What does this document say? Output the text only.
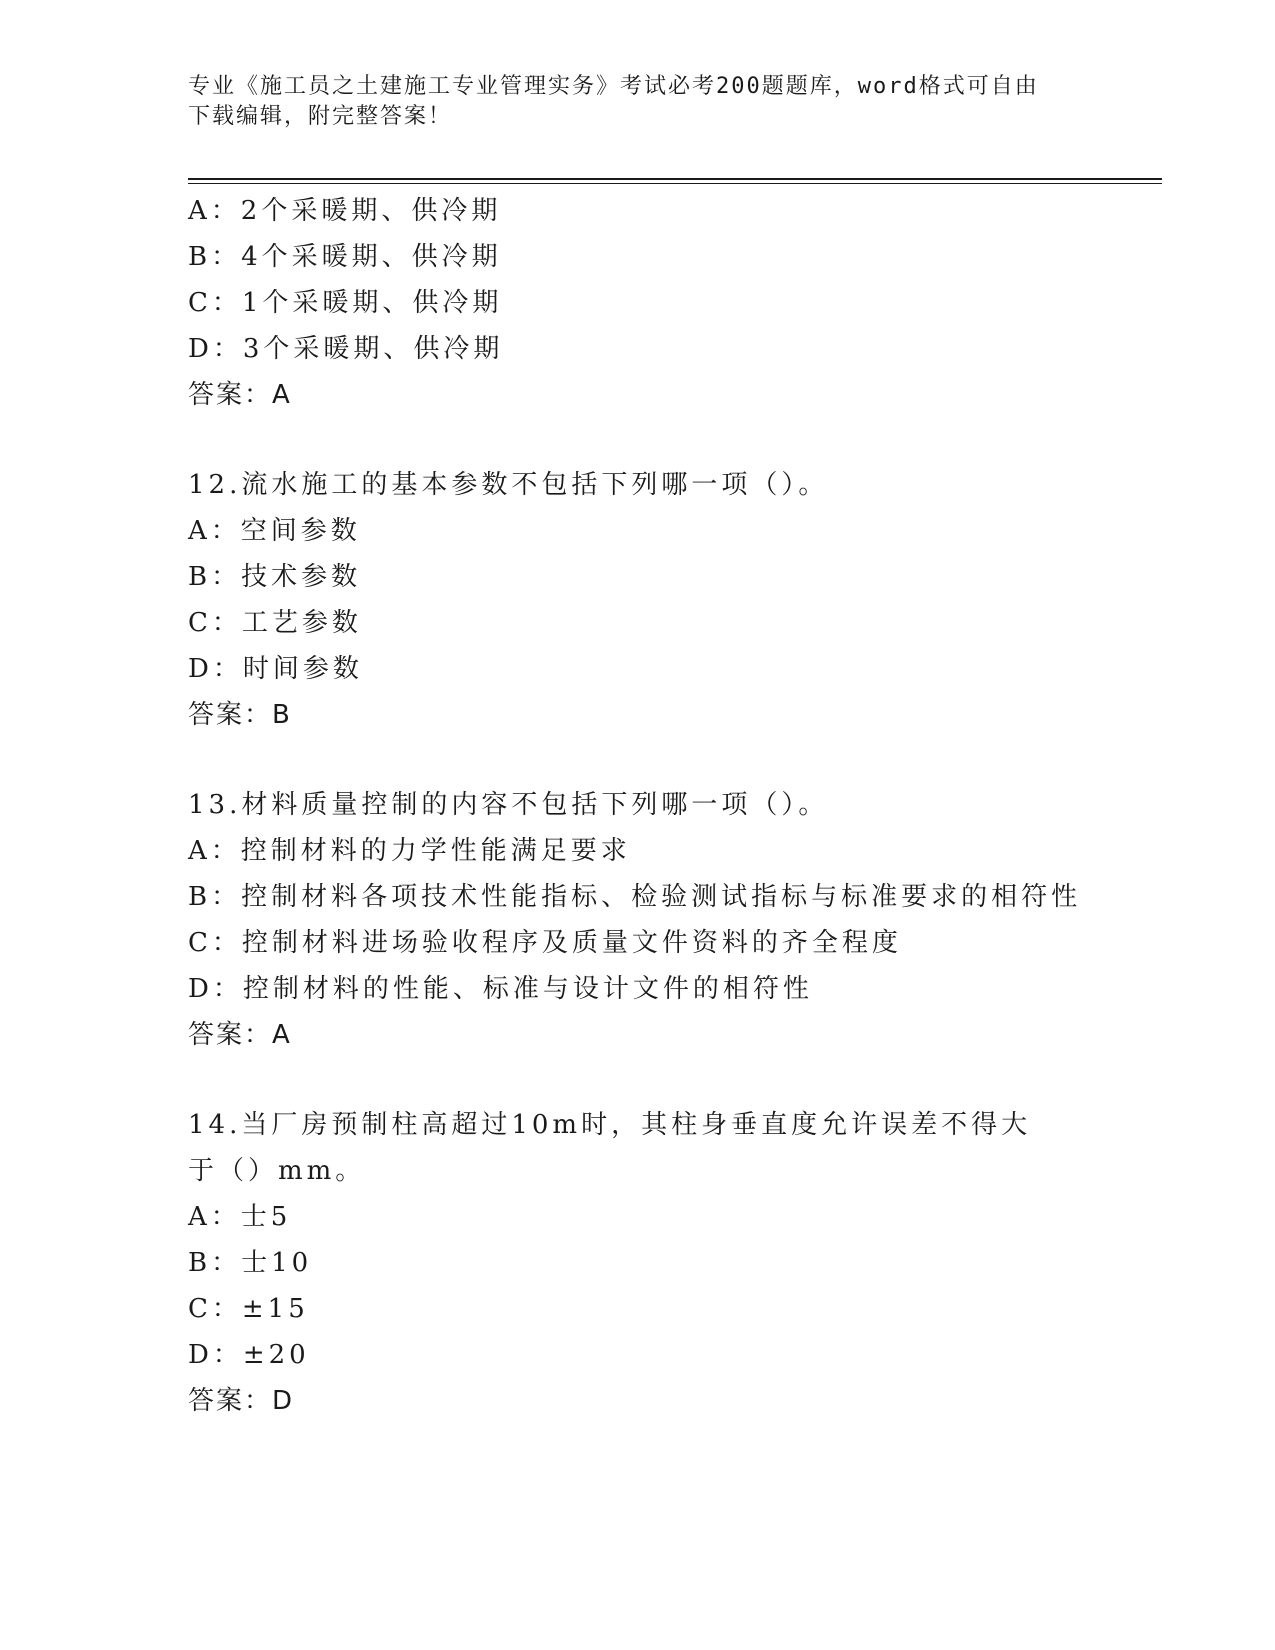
专业《施工员之土建施工专业管理实务》考试必考200题题库，word格式可自由
下载编辑，附完整答案！
A：2个采暖期、供冷期
B：4个采暖期、供冷期
C：1个采暖期、供冷期
D：3个采暖期、供冷期
答案：A
12.流水施工的基本参数不包括下列哪一项（）。
A：空间参数
B：技术参数
C：工艺参数
D：时间参数
答案：B
13.材料质量控制的内容不包括下列哪一项（）。
A：控制材料的力学性能满足要求
B：控制材料各项技术性能指标、检验测试指标与标准要求的相符性
C：控制材料进场验收程序及质量文件资料的齐全程度
D：控制材料的性能、标准与设计文件的相符性
答案：A
14.当厂房预制柱高超过10m时，其柱身垂直度允许误差不得大于（）mm。
A：士5
B：士10
C：±15
D：±20
答案：D
